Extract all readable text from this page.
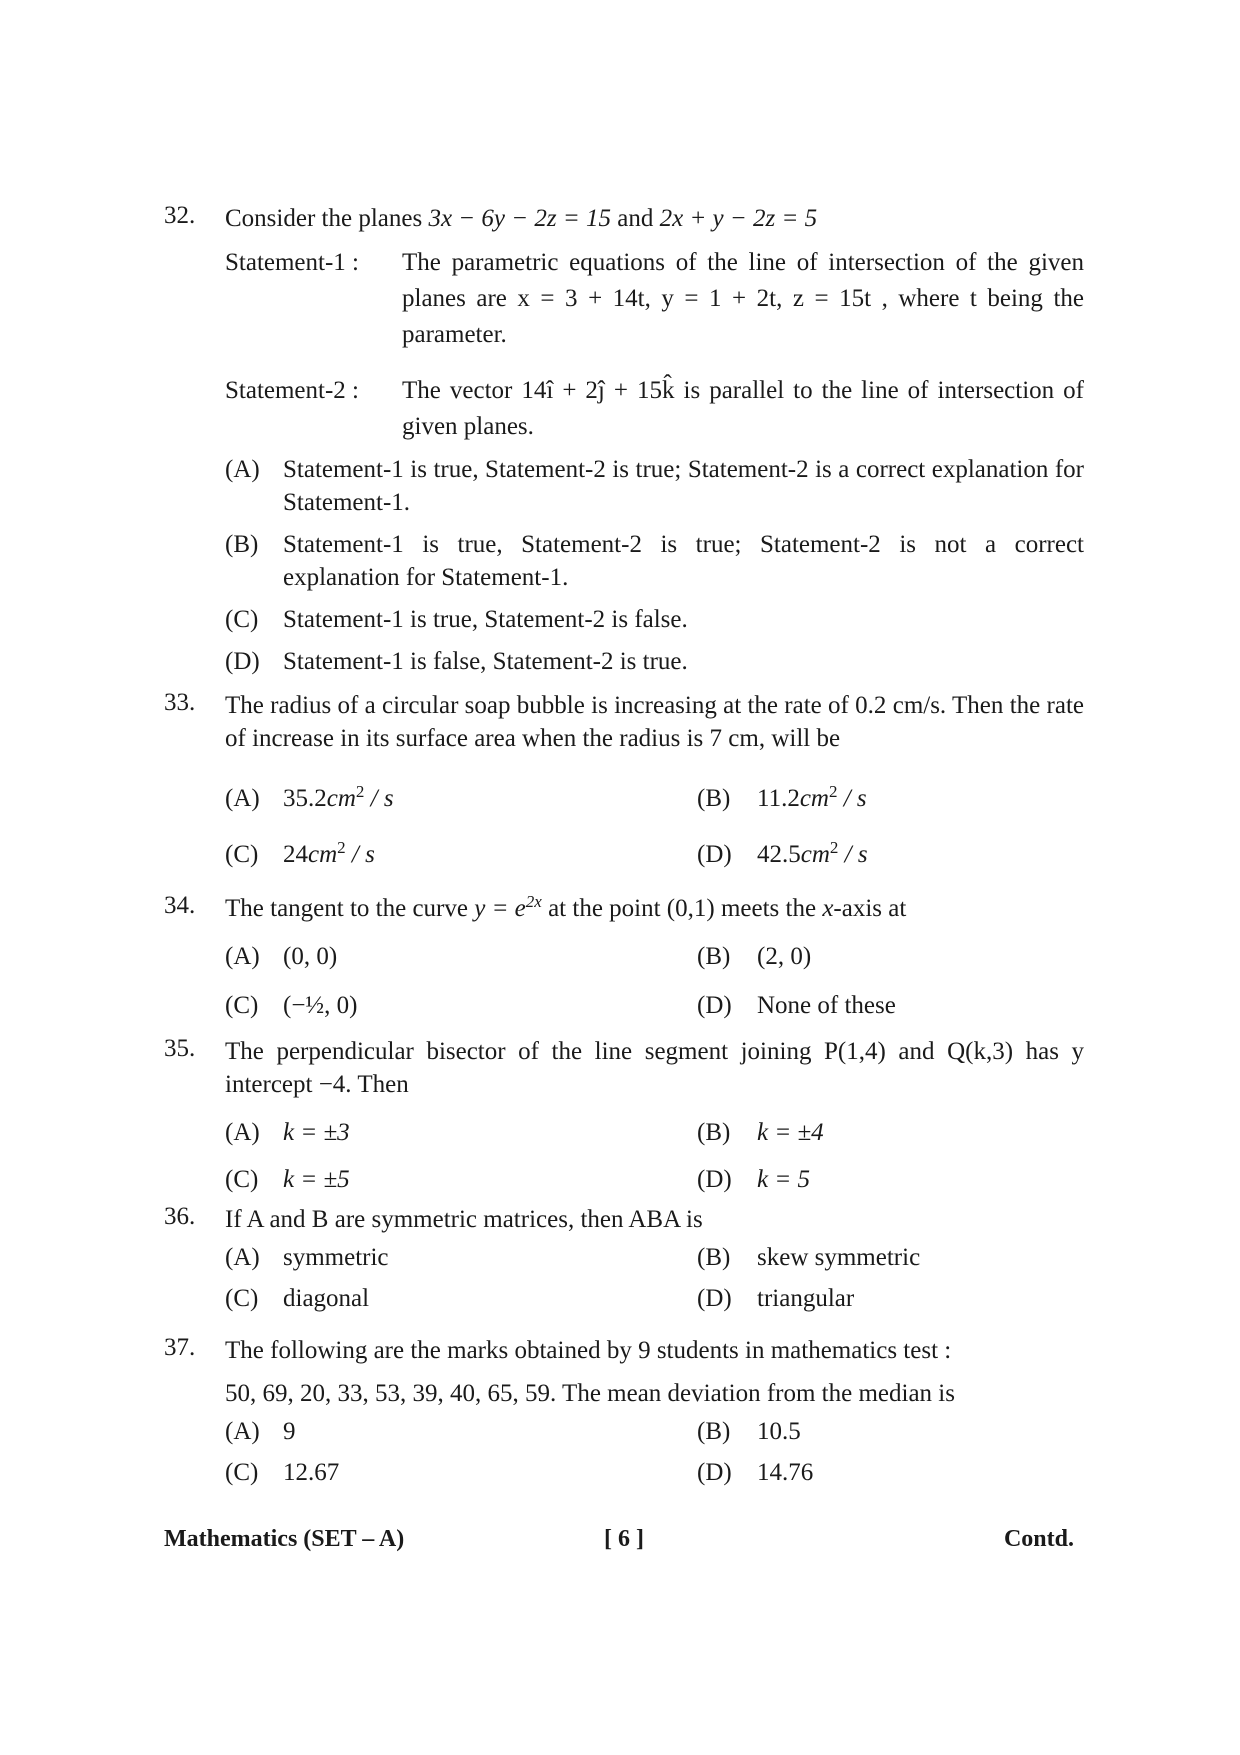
32.	Consider the planes 3x − 6y − 2z = 15 and 2x + y − 2z = 5
Statement-1 :	The parametric equations of the line of intersection of the given planes are x = 3 + 14t, y = 1 + 2t, z = 15t , where t being the parameter.
Statement-2 :	The vector 14î + 2ĵ + 15k̂ is parallel to the line of intersection of given planes.
(A) Statement-1 is true, Statement-2 is true; Statement-2 is a correct explanation for Statement-1.
(B) Statement-1 is true, Statement-2 is true; Statement-2 is not a correct explanation for Statement-1.
(C) Statement-1 is true, Statement-2 is false.
(D) Statement-1 is false, Statement-2 is true.
33.	The radius of a circular soap bubble is increasing at the rate of 0.2 cm/s. Then the rate of increase in its surface area when the radius is 7 cm, will be
(A) $35.2cm^2$ / s	(B) $11.2cm^2$ / s
(C) $24cm^2$ / s	(D) $42.5cm^2$ / s
34.	The tangent to the curve $y = e^{2x}$ at the point (0,1) meets the x-axis at
(A) (0, 0)	(B) (2, 0)
(C) (−½, 0)	(D) None of these
35.	The perpendicular bisector of the line segment joining P(1,4) and Q(k,3) has y intercept −4. Then
(A) k = ±3	(B) k = ±4
(C) k = ±5	(D) k = 5
36.	If A and B are symmetric matrices, then ABA is
(A) symmetric	(B) skew symmetric
(C) diagonal	(D) triangular
37.	The following are the marks obtained by 9 students in mathematics test :
50, 69, 20, 33, 53, 39, 40, 65, 59. The mean deviation from the median is
(A) 9	(B) 10.5
(C) 12.67	(D) 14.76
Mathematics (SET – A)	[ 6 ]	Contd.
